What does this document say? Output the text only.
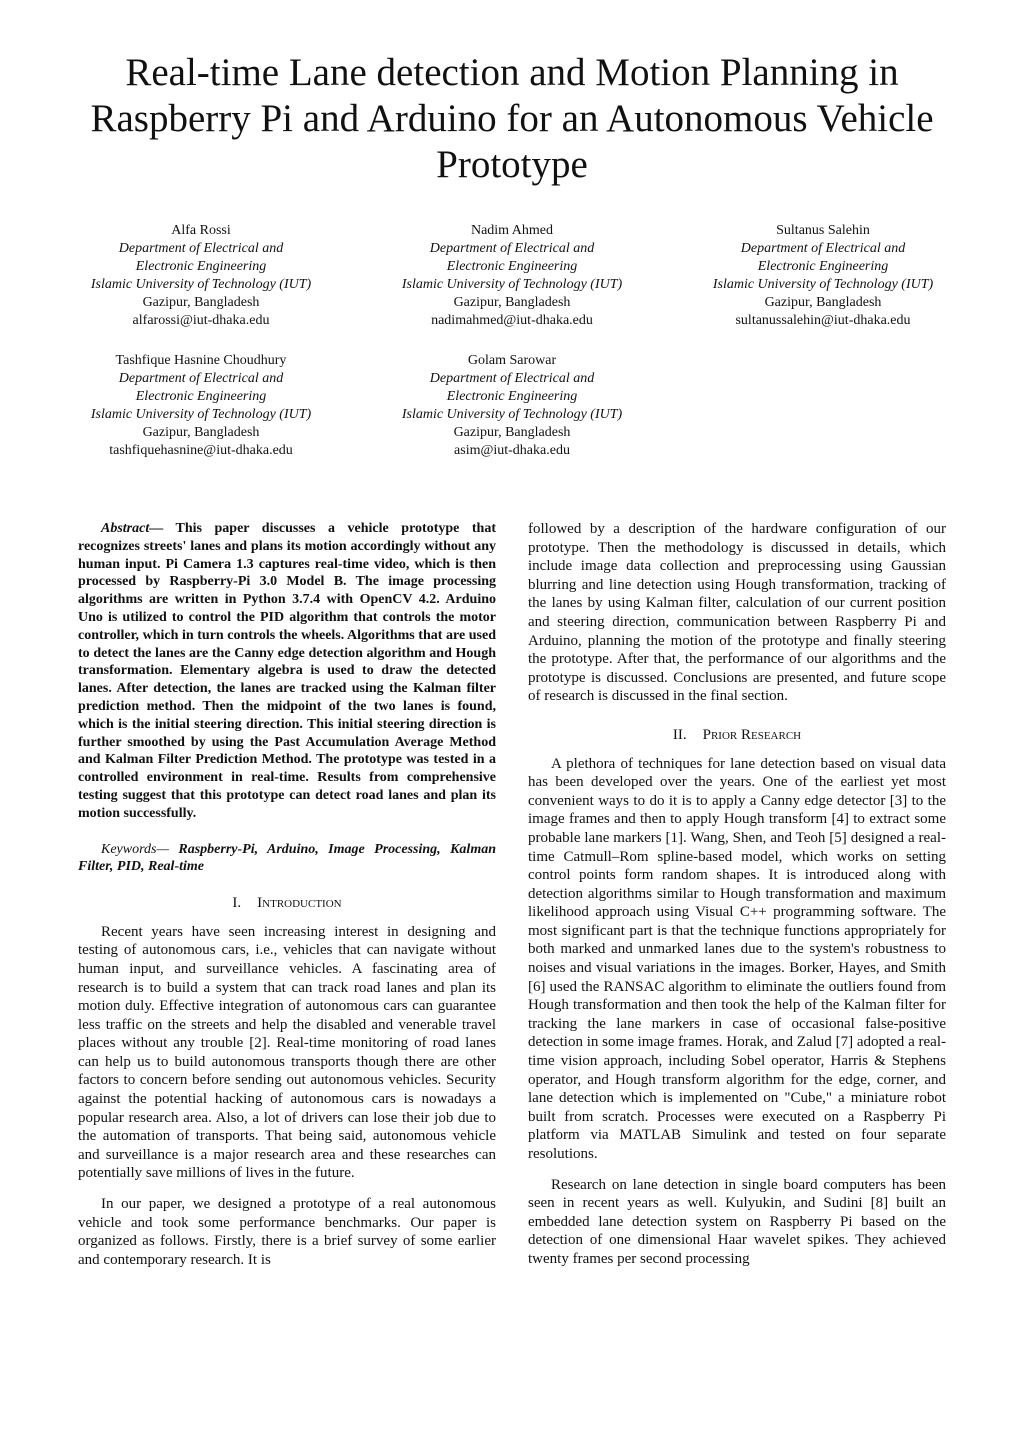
Real-time Lane detection and Motion Planning in Raspberry Pi and Arduino for an Autonomous Vehicle Prototype
Alfa Rossi
Department of Electrical and
Electronic Engineering
Islamic University of Technology (IUT)
Gazipur, Bangladesh
alfarossi@iut-dhaka.edu
Nadim Ahmed
Department of Electrical and
Electronic Engineering
Islamic University of Technology (IUT)
Gazipur, Bangladesh
nadimahmed@iut-dhaka.edu
Sultanus Salehin
Department of Electrical and
Electronic Engineering
Islamic University of Technology (IUT)
Gazipur, Bangladesh
sultanussalehin@iut-dhaka.edu
Tashfique Hasnine Choudhury
Department of Electrical and
Electronic Engineering
Islamic University of Technology (IUT)
Gazipur, Bangladesh
tashfiquehasnine@iut-dhaka.edu
Golam Sarowar
Department of Electrical and
Electronic Engineering
Islamic University of Technology (IUT)
Gazipur, Bangladesh
asim@iut-dhaka.edu

Abstract— This paper discusses a vehicle prototype that recognizes streets' lanes and plans its motion accordingly without any human input. Pi Camera 1.3 captures real-time video, which is then processed by Raspberry-Pi 3.0 Model B. The image processing algorithms are written in Python 3.7.4 with OpenCV 4.2. Arduino Uno is utilized to control the PID algorithm that controls the motor controller, which in turn controls the wheels. Algorithms that are used to detect the lanes are the Canny edge detection algorithm and Hough transformation. Elementary algebra is used to draw the detected lanes. After detection, the lanes are tracked using the Kalman filter prediction method. Then the midpoint of the two lanes is found, which is the initial steering direction. This initial steering direction is further smoothed by using the Past Accumulation Average Method and Kalman Filter Prediction Method. The prototype was tested in a controlled environment in real-time. Results from comprehensive testing suggest that this prototype can detect road lanes and plan its motion successfully.

Keywords— Raspberry-Pi, Arduino, Image Processing, Kalman Filter, PID, Real-time

I. Introduction

Recent years have seen increasing interest in designing and testing of autonomous cars, i.e., vehicles that can navigate without human input, and surveillance vehicles. A fascinating area of research is to build a system that can track road lanes and plan its motion duly. Effective integration of autonomous cars can guarantee less traffic on the streets and help the disabled and venerable travel places without any trouble [2]. Real-time monitoring of road lanes can help us to build autonomous transports though there are other factors to concern before sending out autonomous vehicles. Security against the potential hacking of autonomous cars is nowadays a popular research area. Also, a lot of drivers can lose their job due to the automation of transports. That being said, autonomous vehicle and surveillance is a major research area and these researches can potentially save millions of lives in the future.

In our paper, we designed a prototype of a real autonomous vehicle and took some performance benchmarks. Our paper is organized as follows. Firstly, there is a brief survey of some earlier and contemporary research. It is

followed by a description of the hardware configuration of our prototype. Then the methodology is discussed in details, which include image data collection and preprocessing using Gaussian blurring and line detection using Hough transformation, tracking of the lanes by using Kalman filter, calculation of our current position and steering direction, communication between Raspberry Pi and Arduino, planning the motion of the prototype and finally steering the prototype. After that, the performance of our algorithms and the prototype is discussed. Conclusions are presented, and future scope of research is discussed in the final section.

II. Prior Research

A plethora of techniques for lane detection based on visual data has been developed over the years. One of the earliest yet most convenient ways to do it is to apply a Canny edge detector [3] to the image frames and then to apply Hough transform [4] to extract some probable lane markers [1]. Wang, Shen, and Teoh [5] designed a real-time Catmull–Rom spline-based model, which works on setting control points form random shapes. It is introduced along with detection algorithms similar to Hough transformation and maximum likelihood approach using Visual C++ programming software. The most significant part is that the technique functions appropriately for both marked and unmarked lanes due to the system's robustness to noises and visual variations in the images. Borker, Hayes, and Smith [6] used the RANSAC algorithm to eliminate the outliers found from Hough transformation and then took the help of the Kalman filter for tracking the lane markers in case of occasional false-positive detection in some image frames. Horak, and Zalud [7] adopted a real-time vision approach, including Sobel operator, Harris & Stephens operator, and Hough transform algorithm for the edge, corner, and lane detection which is implemented on "Cube," a miniature robot built from scratch. Processes were executed on a Raspberry Pi platform via MATLAB Simulink and tested on four separate resolutions.

Research on lane detection in single board computers has been seen in recent years as well. Kulyukin, and Sudini [8] built an embedded lane detection system on Raspberry Pi based on the detection of one dimensional Haar wavelet spikes. They achieved twenty frames per second processing
